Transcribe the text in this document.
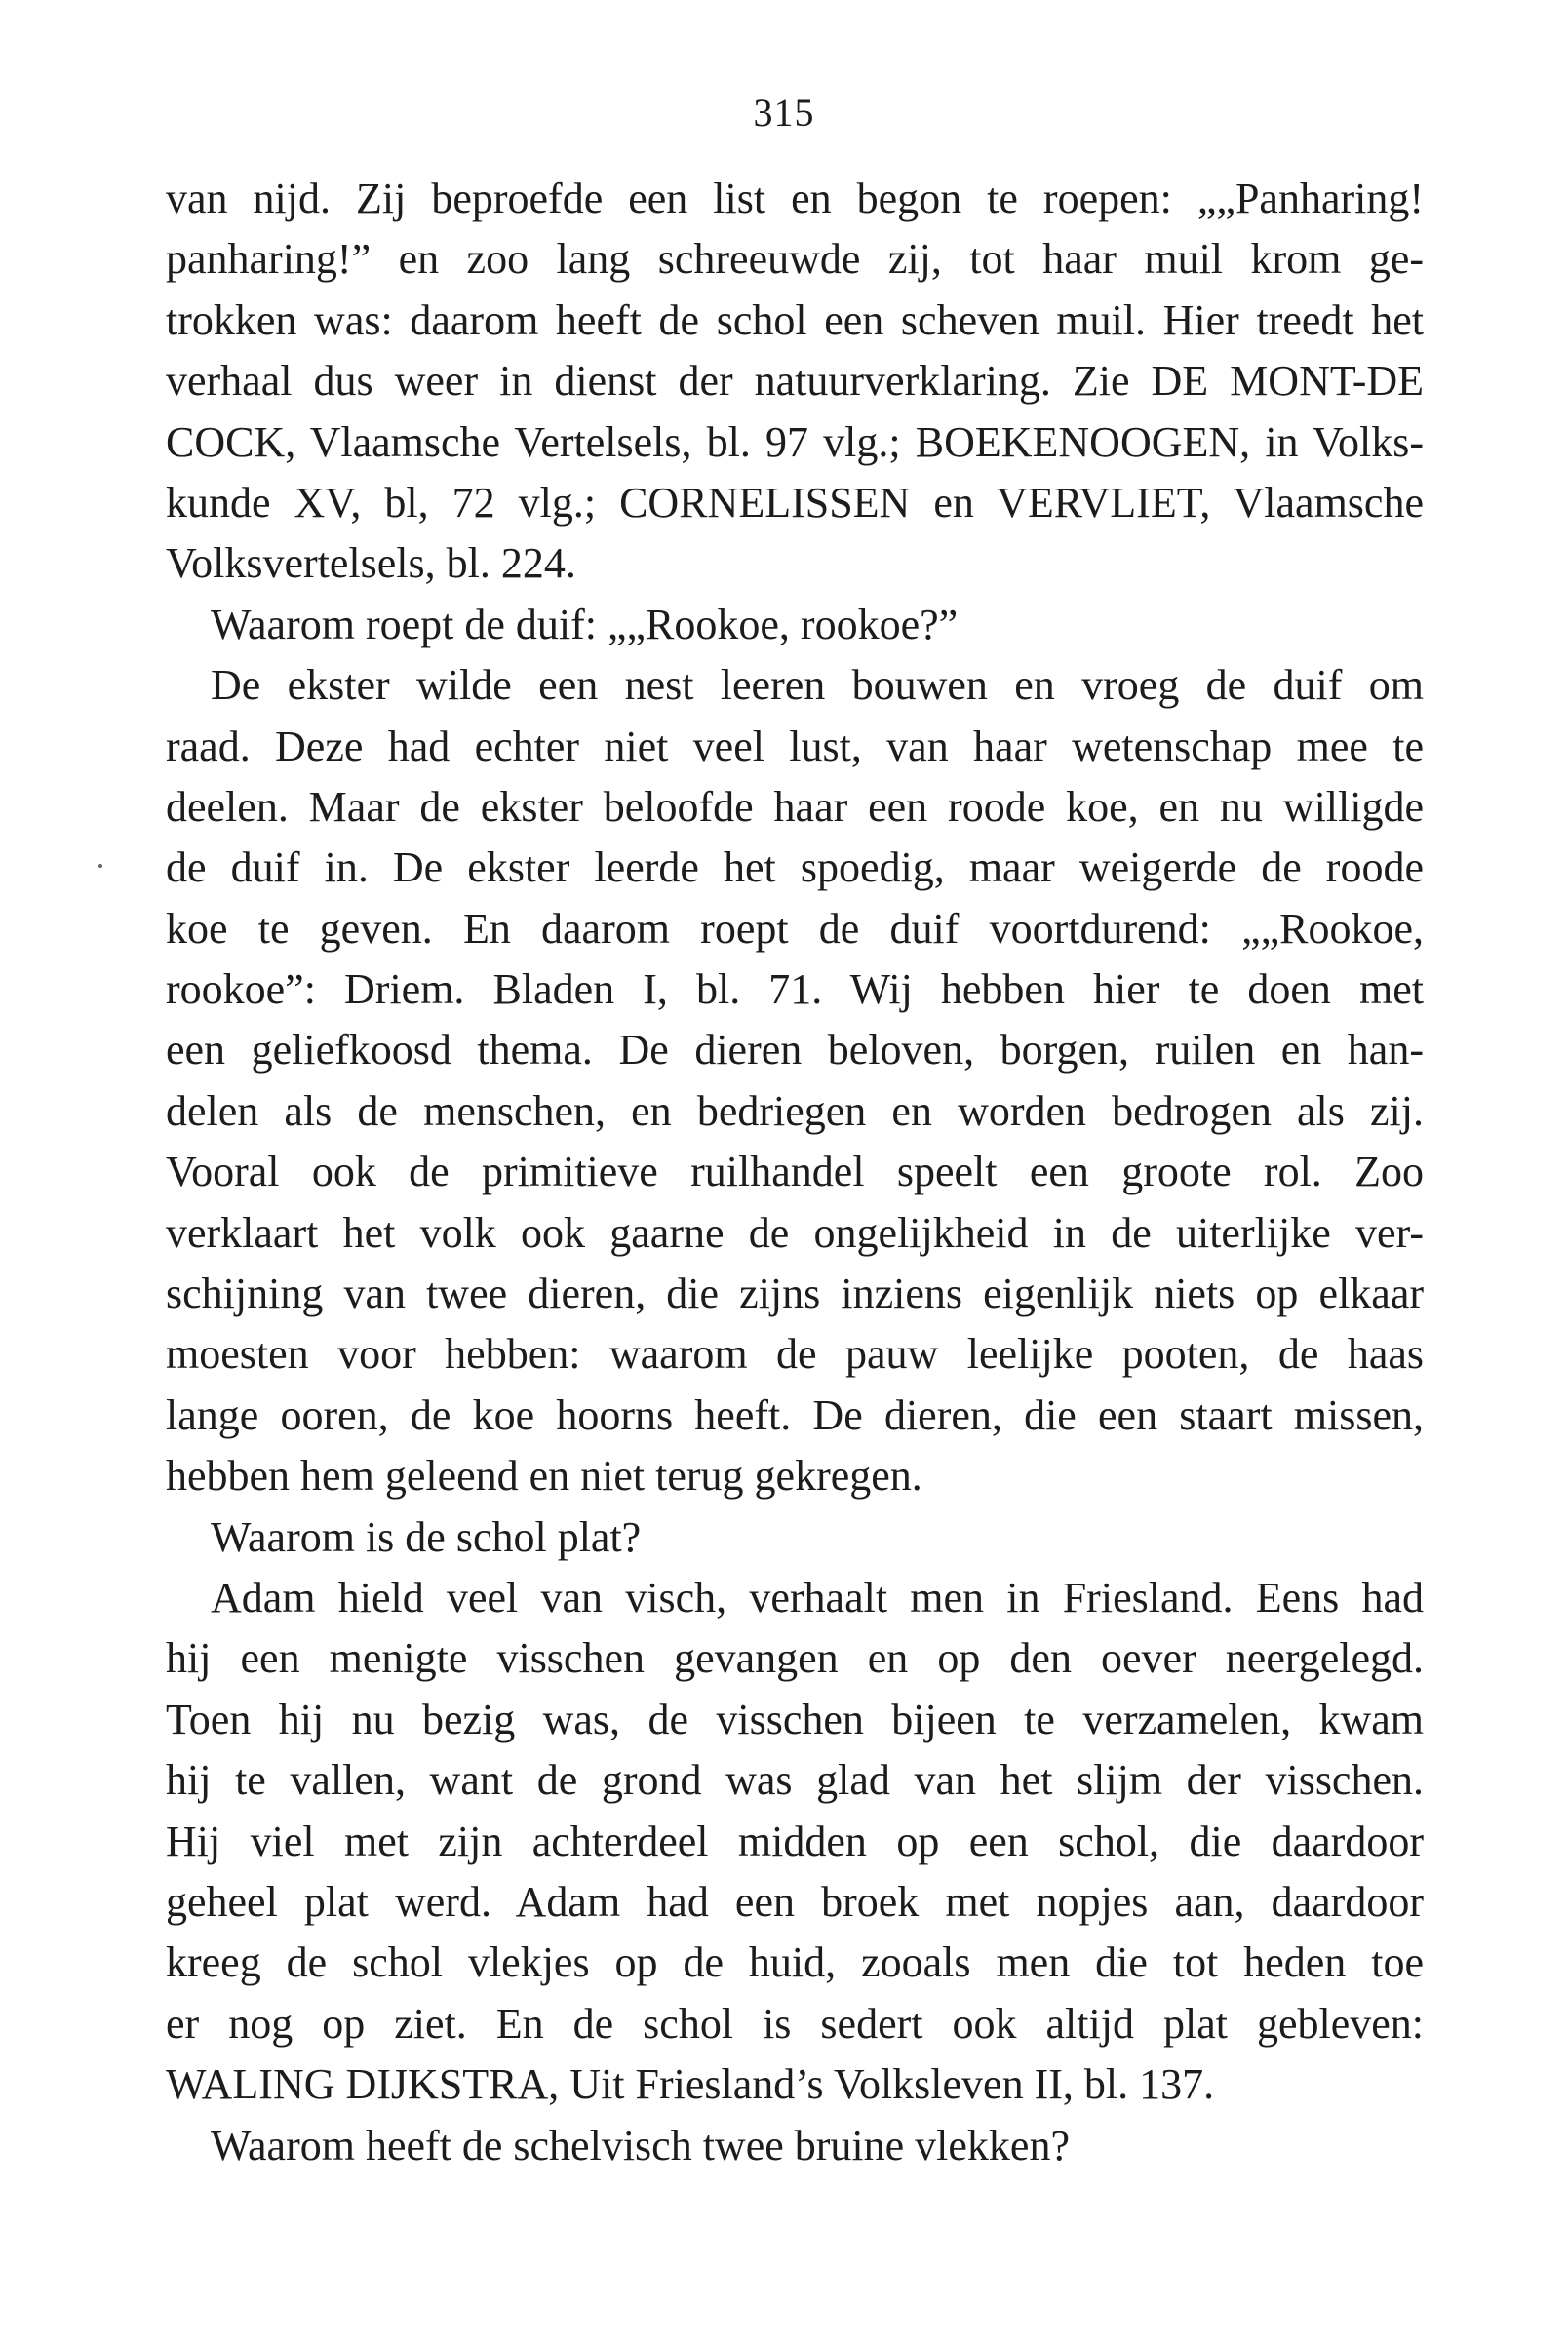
315
van nijd. Zij beproefde een list en begon te roepen: „„Panharing!
panharing!” en zoo lang schreeuwde zij, tot haar muil krom ge-
trokken was: daarom heeft de schol een scheven muil. Hier treedt het
verhaal dus weer in dienst der natuurverklaring. Zie DE MONT-DE
COCK, Vlaamsche Vertelsels, bl. 97 vlg.; BOEKENOOGEN, in Volks-
kunde XV, bl, 72 vlg.; CORNELISSEN en VERVLIET, Vlaamsche
Volksvertelsels, bl. 224.
Waarom roept de duif: „„Rookoe, rookoe?”
De ekster wilde een nest leeren bouwen en vroeg de duif om
raad. Deze had echter niet veel lust, van haar wetenschap mee te
deelen. Maar de ekster beloofde haar een roode koe, en nu willigde
de duif in. De ekster leerde het spoedig, maar weigerde de roode
koe te geven. En daarom roept de duif voortdurend: „„Rookoe,
rookoe”: Driem. Bladen I, bl. 71. Wij hebben hier te doen met
een geliefkoosd thema. De dieren beloven, borgen, ruilen en han-
delen als de menschen, en bedriegen en worden bedrogen als zij.
Vooral ook de primitieve ruilhandel speelt een groote rol. Zoo
verklaart het volk ook gaarne de ongelijkheid in de uiterlijke ver-
schijning van twee dieren, die zijns inziens eigenlijk niets op elkaar
moesten voor hebben: waarom de pauw leelijke pooten, de haas
lange ooren, de koe hoorns heeft. De dieren, die een staart missen,
hebben hem geleend en niet terug gekregen.
Waarom is de schol plat?
Adam hield veel van visch, verhaalt men in Friesland. Eens had
hij een menigte visschen gevangen en op den oever neergelegd.
Toen hij nu bezig was, de visschen bijeen te verzamelen, kwam
hij te vallen, want de grond was glad van het slijm der visschen.
Hij viel met zijn achterdeel midden op een schol, die daardoor
geheel plat werd. Adam had een broek met nopjes aan, daardoor
kreeg de schol vlekjes op de huid, zooals men die tot heden toe
er nog op ziet. En de schol is sedert ook altijd plat gebleven:
WALING DIJKSTRA, Uit Friesland’s Volksleven II, bl. 137.
Waarom heeft de schelvisch twee bruine vlekken?
